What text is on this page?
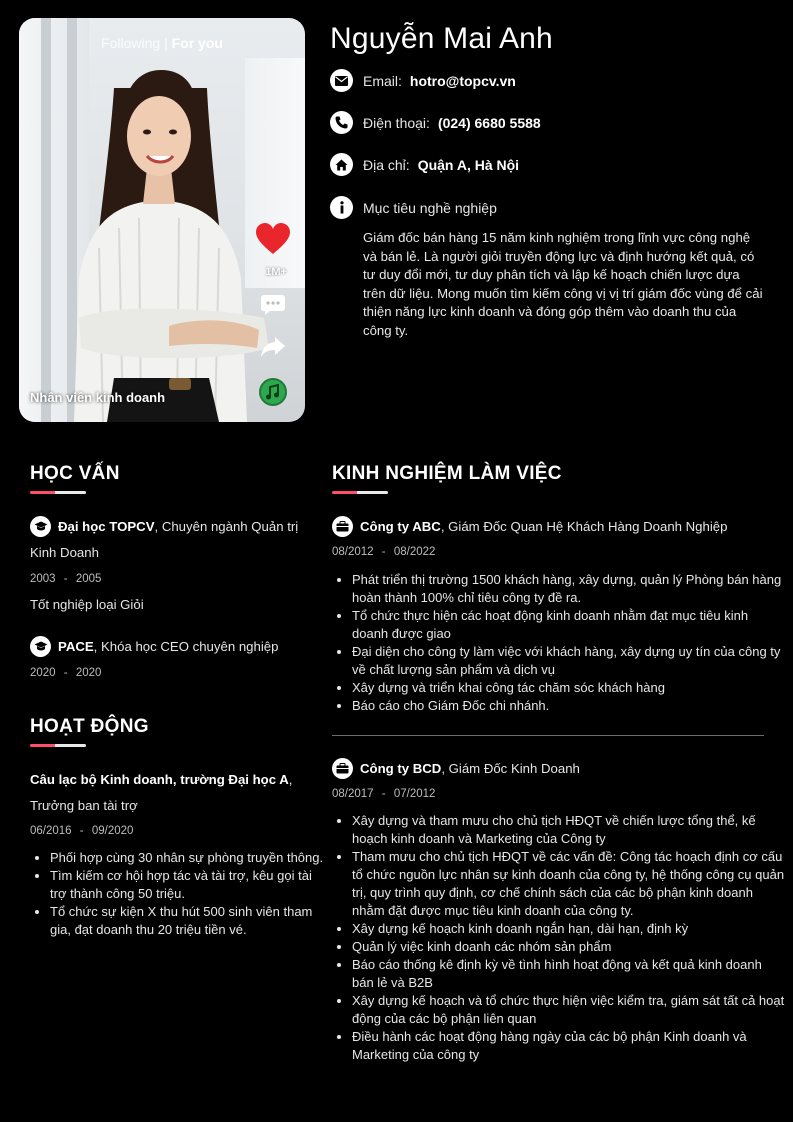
Following | For you
1M+
Nhân viên kinh doanh
Nguyễn Mai Anh
Email: hotro@topcv.vn
Điện thoại: (024) 6680 5588
Địa chỉ: Quận A, Hà Nội
Mục tiêu nghề nghiệp
Giám đốc bán hàng 15 năm kinh nghiệm trong lĩnh vực công nghệ và bán lẻ. Là người giỏi truyền động lực và định hướng kết quả, có tư duy đổi mới, tư duy phân tích và lập kế hoạch chiến lược dựa trên dữ liệu. Mong muốn tìm kiếm công vị vị trí giám đốc vùng để cải thiện năng lực kinh doanh và đóng góp thêm vào doanh thu của công ty.
HỌC VẤN
Đại học TOPCV, Chuyên ngành Quản trị Kinh Doanh
2003 - 2005
Tốt nghiệp loại Giỏi
PACE, Khóa học CEO chuyên nghiệp
2020 - 2020
HOẠT ĐỘNG
Câu lạc bộ Kinh doanh, trường Đại học A, Trưởng ban tài trợ
06/2016 - 09/2020
• Phối hợp cùng 30 nhân sự phòng truyền thông.
• Tìm kiếm cơ hội hợp tác và tài trợ, kêu gọi tài trợ thành công 50 triệu.
• Tổ chức sự kiện X thu hút 500 sinh viên tham gia, đạt doanh thu 20 triệu tiền vé.
KINH NGHIỆM LÀM VIỆC
Công ty ABC, Giám Đốc Quan Hệ Khách Hàng Doanh Nghiệp
08/2012 - 08/2022
• Phát triển thị trường 1500 khách hàng, xây dựng, quản lý Phòng bán hàng hoàn thành 100% chỉ tiêu công ty đề ra.
• Tổ chức thực hiện các hoạt động kinh doanh nhằm đạt mục tiêu kinh doanh được giao
• Đại diện cho công ty làm việc với khách hàng, xây dựng uy tín của công ty về chất lượng sản phẩm và dịch vụ
• Xây dựng và triển khai công tác chăm sóc khách hàng
• Báo cáo cho Giám Đốc chi nhánh.
Công ty BCD, Giám Đốc Kinh Doanh
08/2017 - 07/2012
• Xây dựng và tham mưu cho chủ tịch HĐQT về chiến lược tổng thể, kế hoạch kinh doanh và Marketing của Công ty
• Tham mưu cho chủ tịch HĐQT về các vấn đề: Công tác hoạch định cơ cấu tổ chức nguồn lực nhân sự kinh doanh của công ty, hệ thống công cụ quản trị, quy trình quy định, cơ chế chính sách của các bộ phận kinh doanh nhằm đặt được mục tiêu kinh doanh của công ty.
• Xây dựng kế hoạch kinh doanh ngắn hạn, dài hạn, định kỳ
• Quản lý việc kinh doanh các nhóm sản phẩm
• Báo cáo thống kê định kỳ về tình hình hoạt động và kết quả kinh doanh bán lẻ và B2B
• Xây dựng kế hoạch và tổ chức thực hiện việc kiểm tra, giám sát tất cả hoạt động của các bộ phận liên quan
• Điều hành các hoạt động hàng ngày của các bộ phận Kinh doanh và Marketing của công ty
